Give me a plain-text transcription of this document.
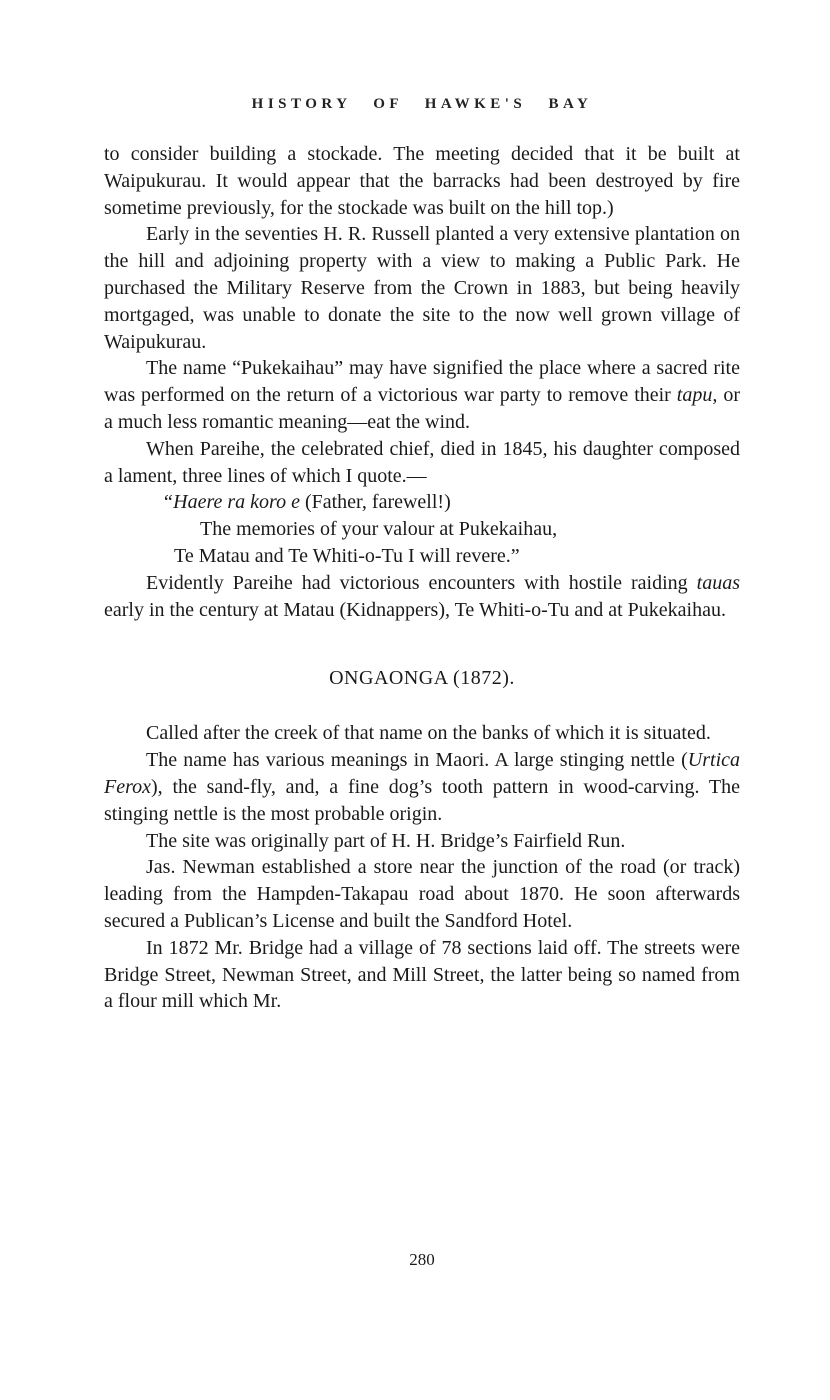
HISTORY OF HAWKE'S BAY

to consider building a stockade. The meeting decided that it be built at Waipukurau. It would appear that the barracks had been destroyed by fire sometime previously, for the stockade was built on the hill top.)

Early in the seventies H. R. Russell planted a very extensive plantation on the hill and adjoining property with a view to making a Public Park. He purchased the Military Reserve from the Crown in 1883, but being heavily mortgaged, was unable to donate the site to the now well grown village of Waipukurau.

The name “Pukekaihau” may have signified the place where a sacred rite was performed on the return of a victorious war party to remove their tapu, or a much less romantic meaning—eat the wind.

When Pareihe, the celebrated chief, died in 1845, his daughter composed a lament, three lines of which I quote.—

“Haere ra koro e (Father, farewell!)

The memories of your valour at Pukekaihau,

Te Matau and Te Whiti-o-Tu I will revere.”

Evidently Pareihe had victorious encounters with hostile raiding tauas early in the century at Matau (Kidnappers), Te Whiti-o-Tu and at Pukekaihau.

ONGAONGA (1872).

Called after the creek of that name on the banks of which it is situated.

The name has various meanings in Maori. A large stinging nettle (Urtica Ferox), the sand-fly, and, a fine dog’s tooth pattern in wood-carving. The stinging nettle is the most probable origin.

The site was originally part of H. H. Bridge’s Fairfield Run.

Jas. Newman established a store near the junction of the road (or track) leading from the Hampden-Takapau road about 1870. He soon afterwards secured a Publican’s License and built the Sandford Hotel.

In 1872 Mr. Bridge had a village of 78 sections laid off. The streets were Bridge Street, Newman Street, and Mill Street, the latter being so named from a flour mill which Mr.

280
